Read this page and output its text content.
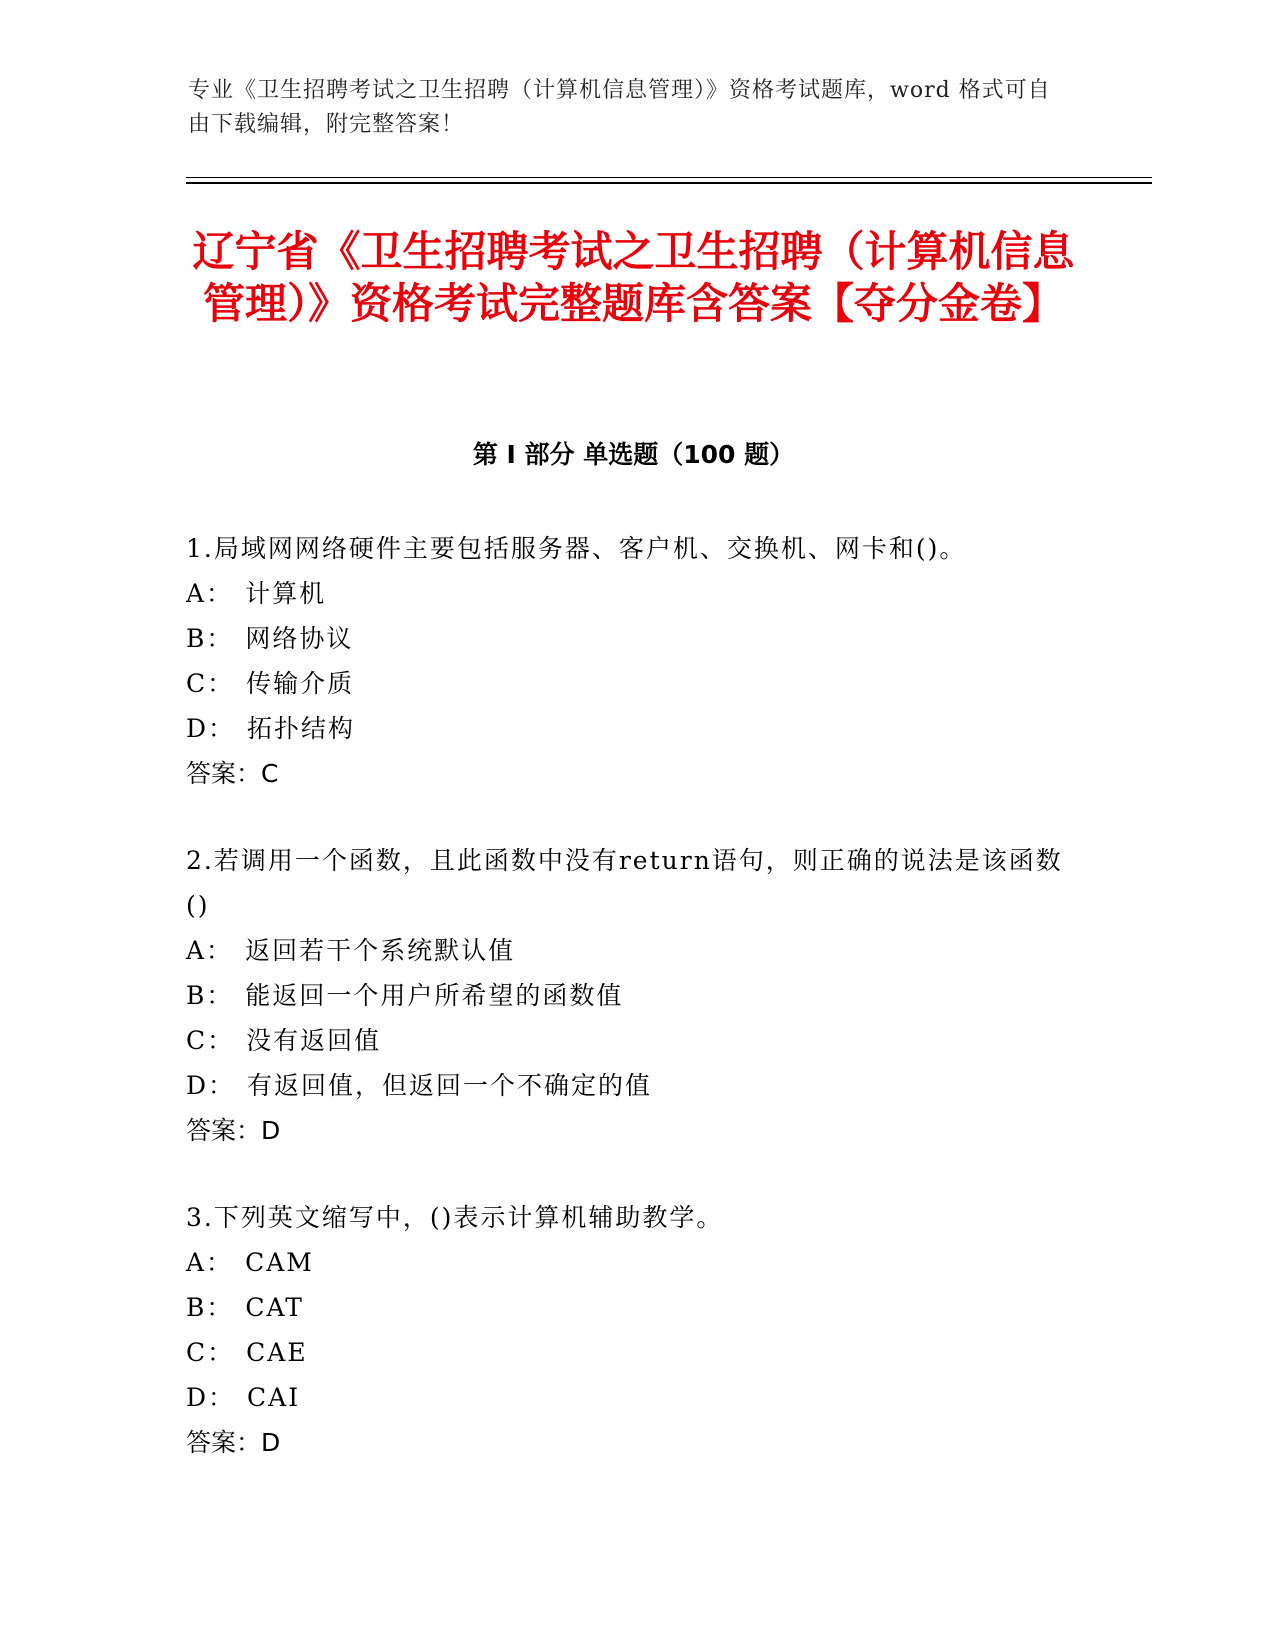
专业《卫生招聘考试之卫生招聘（计算机信息管理）》资格考试题库，word 格式可自由下载编辑，附完整答案！
辽宁省《卫生招聘考试之卫生招聘（计算机信息管理）》资格考试完整题库含答案【夺分金卷】
第 I 部分 单选题（100 题）
1.局域网网络硬件主要包括服务器、客户机、交换机、网卡和()。
A： 计算机
B： 网络协议
C： 传输介质
D： 拓扑结构
答案：C
2.若调用一个函数，且此函数中没有return语句，则正确的说法是该函数()
A： 返回若干个系统默认值
B： 能返回一个用户所希望的函数值
C： 没有返回值
D： 有返回值，但返回一个不确定的值
答案：D
3.下列英文缩写中，()表示计算机辅助教学。
A： CAM
B： CAT
C： CAE
D： CAI
答案：D
